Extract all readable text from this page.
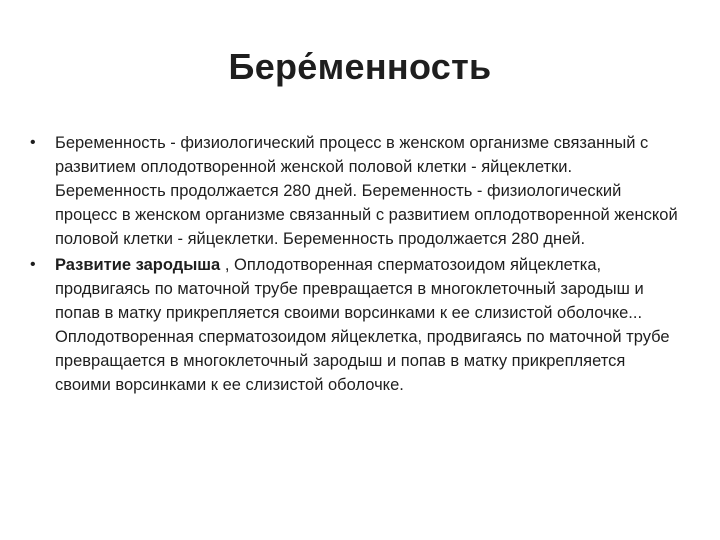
Бере́менность
•	Беременность - физиологический процесс в женском организме связанный с развитием оплодотворенной женской половой клетки - яйцеклетки. Беременность продолжается 280 дней. Беременность - физиологический процесс в женском организме связанный с развитием оплодотворенной женской половой клетки - яйцеклетки. Беременность продолжается 280 дней.
•	Развитие зародыша , Оплодотворенная сперматозоидом яйцеклетка, продвигаясь по маточной трубе превращается в многоклеточный зародыш и попав в матку прикрепляется своими ворсинками к ее слизистой оболочке... Оплодотворенная сперматозоидом яйцеклетка, продвигаясь по маточной трубе превращается в многоклеточный зародыш и попав в матку прикрепляется своими ворсинками к ее слизистой оболочке.
